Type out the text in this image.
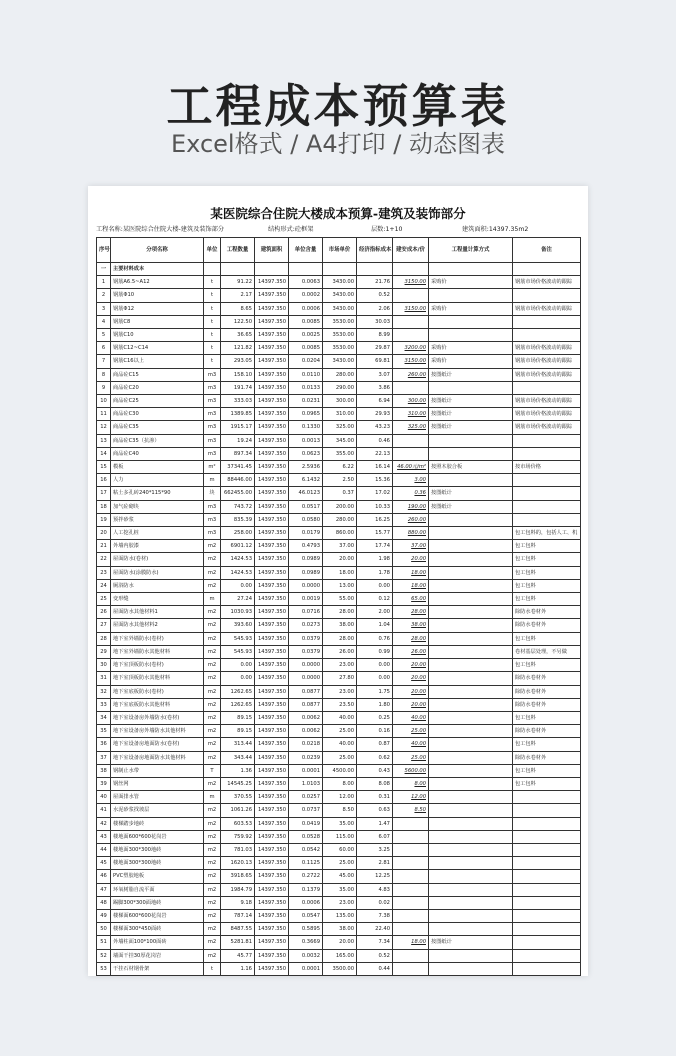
工程成本预算表
Excel格式 / A4打印 / 动态图表
某医院综合住院大楼成本预算-建筑及装饰部分
工程名称:某医院综合住院大楼-建筑及装饰部分	结构形式:砼框架	层数:1+10	建筑面积:14397.35m2
序号	分项名称	单位	工程数量	建筑面积	单位含量	市场单价	经济指标成本	建安成本/价	工程量计算方式	备注
一	主要材料成本									
1	钢筋A6.5~A12	t	91.22	14397.350	0.0063	3430.00	21.76	3150.00	采购价	钢筋市场价格波动的跟踪
2	钢筋Φ10	t	2.17	14397.350	0.0002	3430.00	0.52			
3	钢筋Φ12	t	8.65	14397.350	0.0006	3430.00	2.06	3150.00	采购价	钢筋市场价格波动的跟踪
4	钢筋C8	t	122.50	14397.350	0.0085	3530.00	30.03			
5	钢筋C10	t	36.65	14397.350	0.0025	3530.00	8.99			
6	钢筋C12~C14	t	121.82	14397.350	0.0085	3530.00	29.87	3200.00	采购价	钢筋市场价格波动的跟踪
7	钢筋C16以上	t	293.05	14397.350	0.0204	3430.00	69.81	3150.00	采购价	钢筋市场价格波动的跟踪
8	商品砼C15	m3	158.10	14397.350	0.0110	280.00	3.07	260.00	按图纸计	钢筋市场价格波动的跟踪
9	商品砼C20	m3	191.74	14397.350	0.0133	290.00	3.86			
10	商品砼C25	m3	333.03	14397.350	0.0231	300.00	6.94	300.00	按图纸计	钢筋市场价格波动的跟踪
11	商品砼C30	m3	1389.85	14397.350	0.0965	310.00	29.93	310.00	按图纸计	钢筋市场价格波动的跟踪
12	商品砼C35	m3	1915.17	14397.350	0.1330	325.00	43.23	325.00	按图纸计	钢筋市场价格波动的跟踪
13	商品砼C35（抗渗）	m3	19.24	14397.350	0.0013	345.00	0.46			
14	商品砼C40	m3	897.34	14397.350	0.0623	355.00	22.13			
15	模板	m²	37341.45	14397.350	2.5936	6.22	16.14	46.00元/m²	按照木胶合板	按市场价格
16	人力	m	88446.00	14397.350	6.1432	2.50	15.36	3.00		
17	粘土多孔砖240*115*90	块	662455.00	14397.350	46.0123	0.37	17.02	0.36	按图纸计	
18	加气砼砌块	m3	743.72	14397.350	0.0517	200.00	10.33	190.00	按图纸计	
19	预拌砂浆	m3	835.39	14397.350	0.0580	280.00	16.25	260.00		
20	人工挖孔桩	m3	258.00	14397.350	0.0179	860.00	15.77	880.00		包工包料的，包括人工、机
21	外墙内胶漆	m2	6901.12	14397.350	0.4793	37.00	17.74	37.00		包工包料
22	屋面防水(卷材)	m2	1424.53	14397.350	0.0989	20.00	1.98	20.00		包工包料
23	屋面防水(涂膜防水)	m2	1424.53	14397.350	0.0989	18.00	1.78	18.00		包工包料
24	厕浴防水	m2	0.00	14397.350	0.0000	13.00	0.00	18.00		包工包料
25	变形缝	m	27.24	14397.350	0.0019	55.00	0.12	65.00		包工包料
26	屋面防水其他材料1	m2	1030.93	14397.350	0.0716	28.00	2.00	28.00		除防水卷材外
27	屋面防水其他材料2	m2	393.60	14397.350	0.0273	38.00	1.04	38.00		除防水卷材外
28	地下室外墙防水(卷材)	m2	545.93	14397.350	0.0379	28.00	0.76	28.00		包工包料
29	地下室外墙防水其他材料	m2	545.93	14397.350	0.0379	26.00	0.99	26.00		卷材基层处理，不另做
30	地下室顶板防水(卷材)	m2	0.00	14397.350	0.0000	23.00	0.00	20.00		包工包料
31	地下室顶板防水其他材料	m2	0.00	14397.350	0.0000	27.80	0.00	20.00		除防水卷材外
32	地下室底板防水(卷材)	m2	1262.65	14397.350	0.0877	23.00	1.75	20.00		除防水卷材外
33	地下室底板防水其他材料	m2	1262.65	14397.350	0.0877	23.50	1.80	20.00		除防水卷材外
34	地下室设备房外墙防水(卷材)	m2	89.15	14397.350	0.0062	40.00	0.25	40.00		包工包料
35	地下室设备房外墙防水其他材料	m2	89.15	14397.350	0.0062	25.00	0.16	25.00		除防水卷材外
36	地下室设备房地面防水(卷材)	m2	313.44	14397.350	0.0218	40.00	0.87	40.00		包工包料
37	地下室设备房地面防水其他材料	m2	343.44	14397.350	0.0239	25.00	0.62	25.00		除防水卷材外
38	钢制止水带	T	1.36	14397.350	0.0001	4500.00	0.43	5600.00		包工包料
39	钢丝网	m2	14545.25	14397.350	1.0103	8.00	8.08	8.00		包工包料
40	屋面排水管	m	370.55	14397.350	0.0257	12.00	0.31	12.00		
41	水泥砂浆找坡层	m2	1061.26	14397.350	0.0737	8.50	0.63	8.50		
42	楼梯踏步地砖	m2	603.53	14397.350	0.0419	35.00	1.47			
43	楼地面600*600花岗岩	m2	759.92	14397.350	0.0528	115.00	6.07			
44	楼地面300*300地砖	m2	781.03	14397.350	0.0542	60.00	3.25			
45	楼地面300*300地砖	m2	1620.13	14397.350	0.1125	25.00	2.81			
46	PVC塑胶地板	m2	3918.65	14397.350	0.2722	45.00	12.25			
47	环氧树脂自流平面	m2	1984.79	14397.350	0.1379	35.00	4.83			
48	踢脚300*300面地砖	m2	9.18	14397.350	0.0006	23.00	0.02			
49	楼梯面600*600花岗岩	m2	787.14	14397.350	0.0547	135.00	7.38			
50	楼梯面300*450面砖	m2	8487.55	14397.350	0.5895	38.00	22.40			
51	外墙柱面100*100面砖	m2	5281.81	14397.350	0.3669	20.00	7.34	18.00	按图纸计	
52	墙面干挂30厚花岗岩	m2	45.77	14397.350	0.0032	165.00	0.52			
53	干挂石材钢骨架	t	1.16	14397.350	0.0001	3500.00	0.44			
